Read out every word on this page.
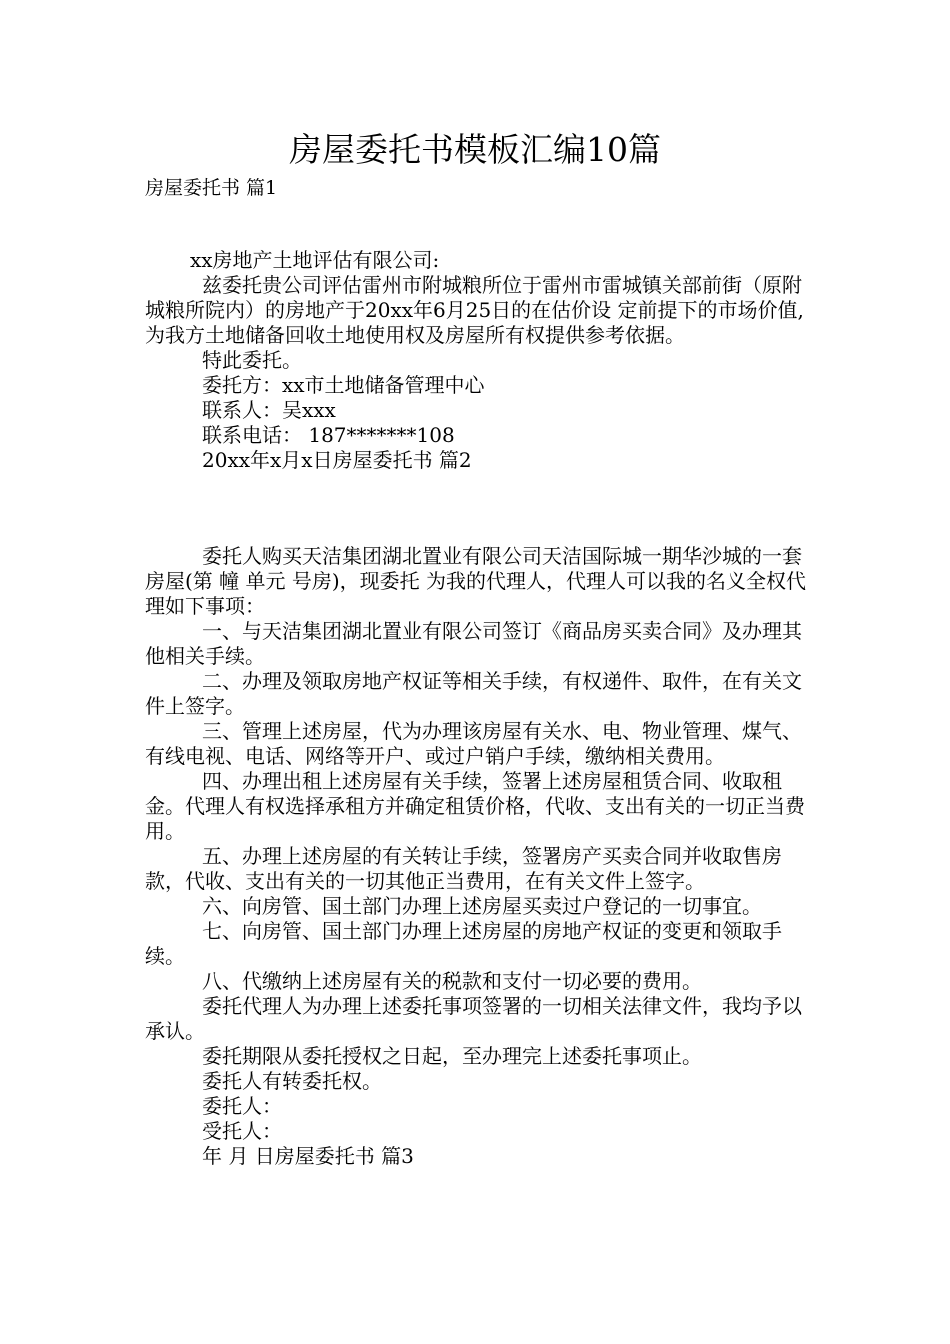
房屋委托书模板汇编10篇
房屋委托书 篇1

xx房地产土地评估有限公司:

兹委托贵公司评估雷州市附城粮所位于雷州市雷城镇关部前街（原附城粮所院内）的房地产于20xx年6月25日的在估价设 定前提下的市场价值,为我方土地储备回收土地使用权及房屋所有权提供参考依据。

特此委托。

委托方：xx市土地储备管理中心

联系人：吴xxx

联系电话： 187*******108

20xx年x月x日房屋委托书 篇2

委托人购买天洁集团湖北置业有限公司天洁国际城一期华沙城的一套房屋(第 幢 单元 号房)，现委托 为我的代理人，代理人可以我的名义全权代理如下事项：

一、与天洁集团湖北置业有限公司签订《商品房买卖合同》及办理其他相关手续。

二、办理及领取房地产权证等相关手续，有权递件、取件，在有关文件上签字。

三、管理上述房屋，代为办理该房屋有关水、电、物业管理、煤气、有线电视、电话、网络等开户、或过户销户手续，缴纳相关费用。

四、办理出租上述房屋有关手续，签署上述房屋租赁合同、收取租金。代理人有权选择承租方并确定租赁价格，代收、支出有关的一切正当费用。

五、办理上述房屋的有关转让手续，签署房产买卖合同并收取售房款，代收、支出有关的一切其他正当费用，在有关文件上签字。

六、向房管、国土部门办理上述房屋买卖过户登记的一切事宜。

七、向房管、国土部门办理上述房屋的房地产权证的变更和领取手续。

八、代缴纳上述房屋有关的税款和支付一切必要的费用。

委托代理人为办理上述委托事项签署的一切相关法律文件，我均予以承认。

委托期限从委托授权之日起，至办理完上述委托事项止。

委托人有转委托权。

委托人：

受托人：

年 月 日房屋委托书 篇3
